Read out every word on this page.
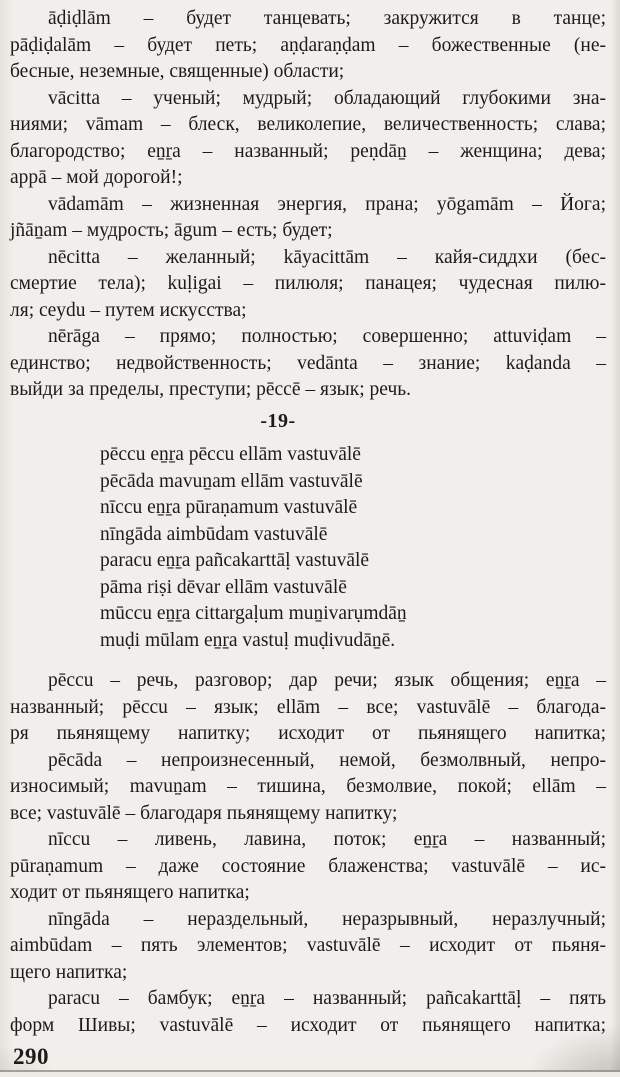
āḍiḍlām – будет танцевать; закружится в танце;
pāḍiḍalām – будет петь; aṇḍaraṇḍam – божественные (не-
бесные, неземные, священные) области;
vācitta – ученый; мудрый; обладающий глубокими зна-
ниями; vāmam – блеск, великолепие, величественность; слава;
благородство; eṉṟa – названный; peṇdāṉ – женщина; дева;
appā – мой дорогой!;
vādamām – жизненная энергия, прана; yōgamām – Йога;
jñāṉam – мудрость; āgum – есть; будет;
nēcitta – желанный; kāyacittām – кайя-сиддхи (бес-
смертие тела); kuḷigai – пилюля; панацея; чудесная пилю-
ля; ceydu – путем искусства;
nērāga – прямо; полностью; совершенно; attuviḍam –
единство; недвойственность; vedānta – знание; kaḍanda –
выйди за пределы, преступи; pēccē – язык; речь.
-19-
pēccu eṉṟa pēccu ellām vastuvālē
pēcāda mavuṉam ellām vastuvālē
nīccu eṉṟa pūraṇamum vastuvālē
nīngāda aimbūdam vastuvālē
paracu eṉṟa pañcakarttāḷ vastuvālē
pāma riṣi dēvar ellām vastuvālē
mūccu eṉṟa cittargaḷum muṉivarụmdāṉ
muḍi mūlam eṉṟa vastuḷ muḍivudāṉē.
pēccu – речь, разговор; дар речи; язык общения; eṉṟa –
названный; pēccu – язык; ellām – все; vastuvālē – благода-
ря пьянящему напитку; исходит от пьянящего напитка;
pēcāda – непроизнесенный, немой, безмолвный, непро-
износимый; mavuṉam – тишина, безмолвие, покой; ellām –
все; vastuvālē – благодаря пьянящему напитку;
nīccu – ливень, лавина, поток; eṉṟa – названный;
pūraṇamum – даже состояние блаженства; vastuvālē – ис-
ходит от пьянящего напитка;
nīngāda – нераздельный, неразрывный, неразлучный;
aimbūdam – пять элементов; vastuvālē – исходит от пьяня-
щего напитка;
paracu – бамбук; eṉṟa – названный; pañcakarttāḷ – пять
форм Шивы; vastuvālē – исходит от пьянящего напитка;
290
